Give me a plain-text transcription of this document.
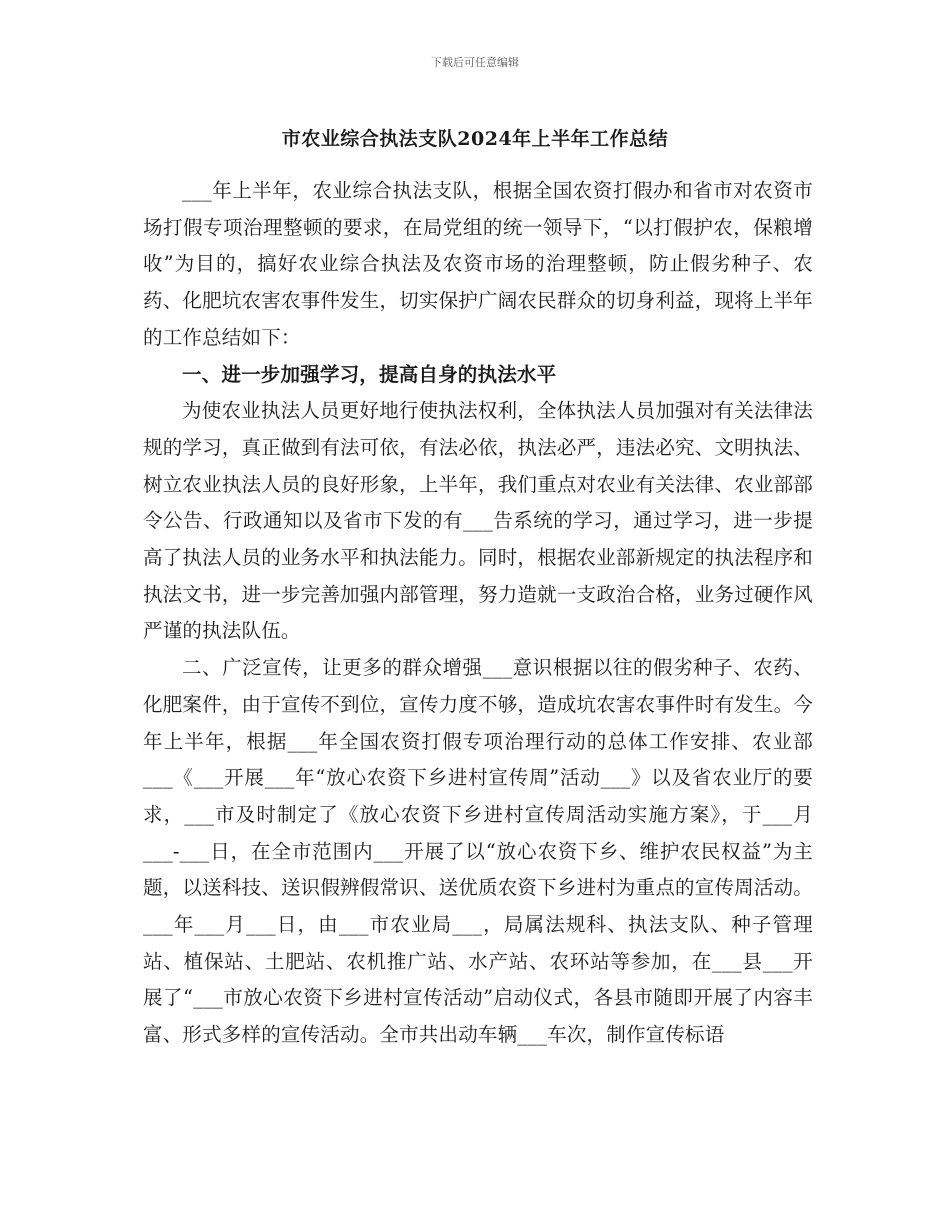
下载后可任意编辑
市农业综合执法支队2024年上半年工作总结

___年上半年，农业综合执法支队，根据全国农资打假办和省市对农资市场打假专项治理整顿的要求，在局党组的统一领导下，“以打假护农，保粮增收”为目的，搞好农业综合执法及农资市场的治理整顿，防止假劣种子、农药、化肥坑农害农事件发生，切实保护广阔农民群众的切身利益，现将上半年的工作总结如下：

一、进一步加强学习，提高自身的执法水平

为使农业执法人员更好地行使执法权利，全体执法人员加强对有关法律法规的学习，真正做到有法可依，有法必依，执法必严，违法必究、文明执法、树立农业执法人员的良好形象，上半年，我们重点对农业有关法律、农业部部令公告、行政通知以及省市下发的有___告系统的学习，通过学习，进一步提高了执法人员的业务水平和执法能力。同时，根据农业部新规定的执法程序和执法文书，进一步完善加强内部管理，努力造就一支政治合格，业务过硬作风严谨的执法队伍。

二、广泛宣传，让更多的群众增强___意识根据以往的假劣种子、农药、化肥案件，由于宣传不到位，宣传力度不够，造成坑农害农事件时有发生。今年上半年，根据___年全国农资打假专项治理行动的总体工作安排、农业部___《___开展___年“放心农资下乡进村宣传周”活动___》以及省农业厅的要求，___市及时制定了《放心农资下乡进村宣传周活动实施方案》，于___月___-___日，在全市范围内___开展了以“放心农资下乡、维护农民权益”为主题，以送科技、送识假辨假常识、送优质农资下乡进村为重点的宣传周活动。___年___月___日，由___市农业局___，局属法规科、执法支队、种子管理站、植保站、土肥站、农机推广站、水产站、农环站等参加，在___县___开展了“___市放心农资下乡进村宣传活动”启动仪式，各县市随即开展了内容丰富、形式多样的宣传活动。全市共出动车辆___车次，制作宣传标语
